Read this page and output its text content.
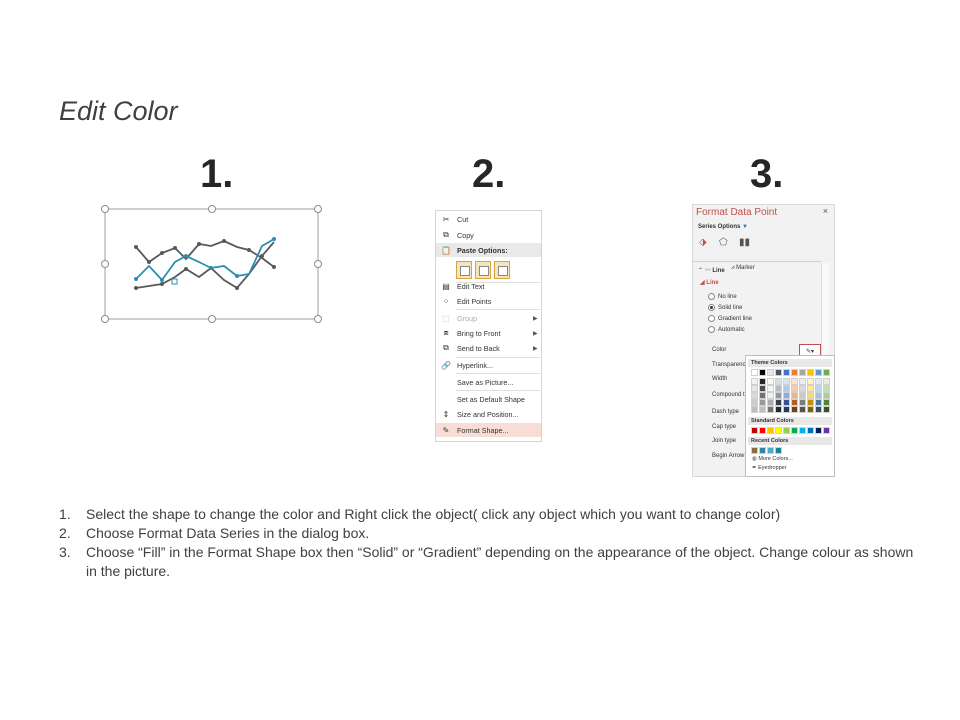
Edit Color
1.	2.	3.
✂	Cut
⧉	Copy
📋 Paste Options:
▤	Edit Text
⁘	Edit Points
⬚	Group	▶
⧈	Bring to Front	▶
⧉	Send to Back	▶
🔗 Hyperlink...
Save as Picture...
Set as Default Shape
⇕	Size and Position...
✎	Format Shape...
Format Data Point	×
Series Options ▼
⬗ ⬠ ▮▮
⌃ 〰 Line ⩘ Marker
◢ Line
No line
Solid line
Gradient line
Automatic
Color	✎▾
Transparenc
Width
Compound t
Dash type
Cap type
Join type
Begin Arrow
Theme Colors
Standard Colors
Recent Colors
◍ More Colors...
✒ Eyedropper
1.	Select the shape to change the color and Right click the object( click any object which you want to change color)
2.	Choose Format Data Series in the dialog box.
3.	Choose “Fill” in the Format Shape box then “Solid” or “Gradient” depending on the appearance of the object. Change colour as shown in the picture.
